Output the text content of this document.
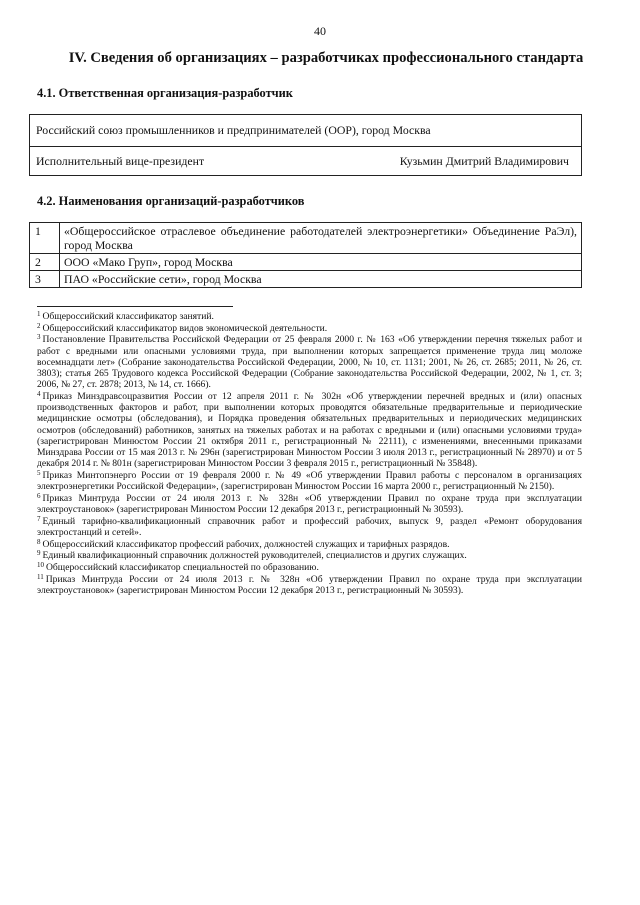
40
IV. Сведения об организациях – разработчиках профессионального стандарта
4.1. Ответственная организация-разработчик
Российский союз промышленников и предпринимателей (ООР), город Москва

Исполнительный вице-президент	Кузьмин Дмитрий Владимирович
4.2. Наименования организаций-разработчиков
1	«Общероссийское отраслевое объединение работодателей электроэнергетики» Объединение РаЭл), город Москва
2	ООО «Мако Груп», город Москва
3	ПАО «Российские сети», город Москва

$^1$ Общероссийский классификатор занятий.

$^2$ Общероссийский классификатор видов экономической деятельности.

$^3$ Постановление Правительства Российской Федерации от 25 февраля 2000 г. № 163 «Об утверждении перечня тяжелых работ и работ с вредными или опасными условиями труда, при выполнении которых запрещается применение труда лиц моложе восемнадцати лет» (Собрание законодательства Российской Федерации, 2000, № 10, ст. 1131; 2001, № 26, ст. 2685; 2011, № 26, ст. 3803); статья 265 Трудового кодекса Российской Федерации (Собрание законодательства Российской Федерации, 2002, № 1, ст. 3; 2006, № 27, ст. 2878; 2013, № 14, ст. 1666).

$^4$ Приказ Минздравсоцразвития России от 12 апреля 2011 г. № 302н «Об утверждении перечней вредных и (или) опасных производственных факторов и работ, при выполнении которых проводятся обязательные предварительные и периодические медицинские осмотры (обследования), и Порядка проведения обязательных предварительных и периодических медицинских осмотров (обследований) работников, занятых на тяжелых работах и на работах с вредными и (или) опасными условиями труда» (зарегистрирован Минюстом России 21 октября 2011 г., регистрационный № 22111), с изменениями, внесенными приказами Минздрава России от 15 мая 2013 г. № 296н (зарегистрирован Минюстом России 3 июля 2013 г., регистрационный № 28970) и от 5 декабря 2014 г. № 801н (зарегистрирован Минюстом России 3 февраля 2015 г., регистрационный № 35848).

$^5$ Приказ Минтопэнерго России от 19 февраля 2000 г. № 49 «Об утверждении Правил работы с персоналом в организациях электроэнергетики Российской Федерации», (зарегистрирован Минюстом России 16 марта 2000 г., регистрационный № 2150).

$^6$ Приказ Минтруда России от 24 июля 2013 г. № 328н «Об утверждении Правил по охране труда при эксплуатации электроустановок» (зарегистрирован Минюстом России 12 декабря 2013 г., регистрационный № 30593).

$^7$ Единый тарифно-квалификационный справочник работ и профессий рабочих, выпуск 9, раздел «Ремонт оборудования электростанций и сетей».

$^8$ Общероссийский классификатор профессий рабочих, должностей служащих и тарифных разрядов.

$^9$ Единый квалификационный справочник должностей руководителей, специалистов и других служащих.

$^{10}$ Общероссийский классификатор специальностей по образованию.

$^{11}$ Приказ Минтруда России от 24 июля 2013 г. № 328н «Об утверждении Правил по охране труда при эксплуатации электроустановок» (зарегистрирован Минюстом России 12 декабря 2013 г., регистрационный № 30593).
